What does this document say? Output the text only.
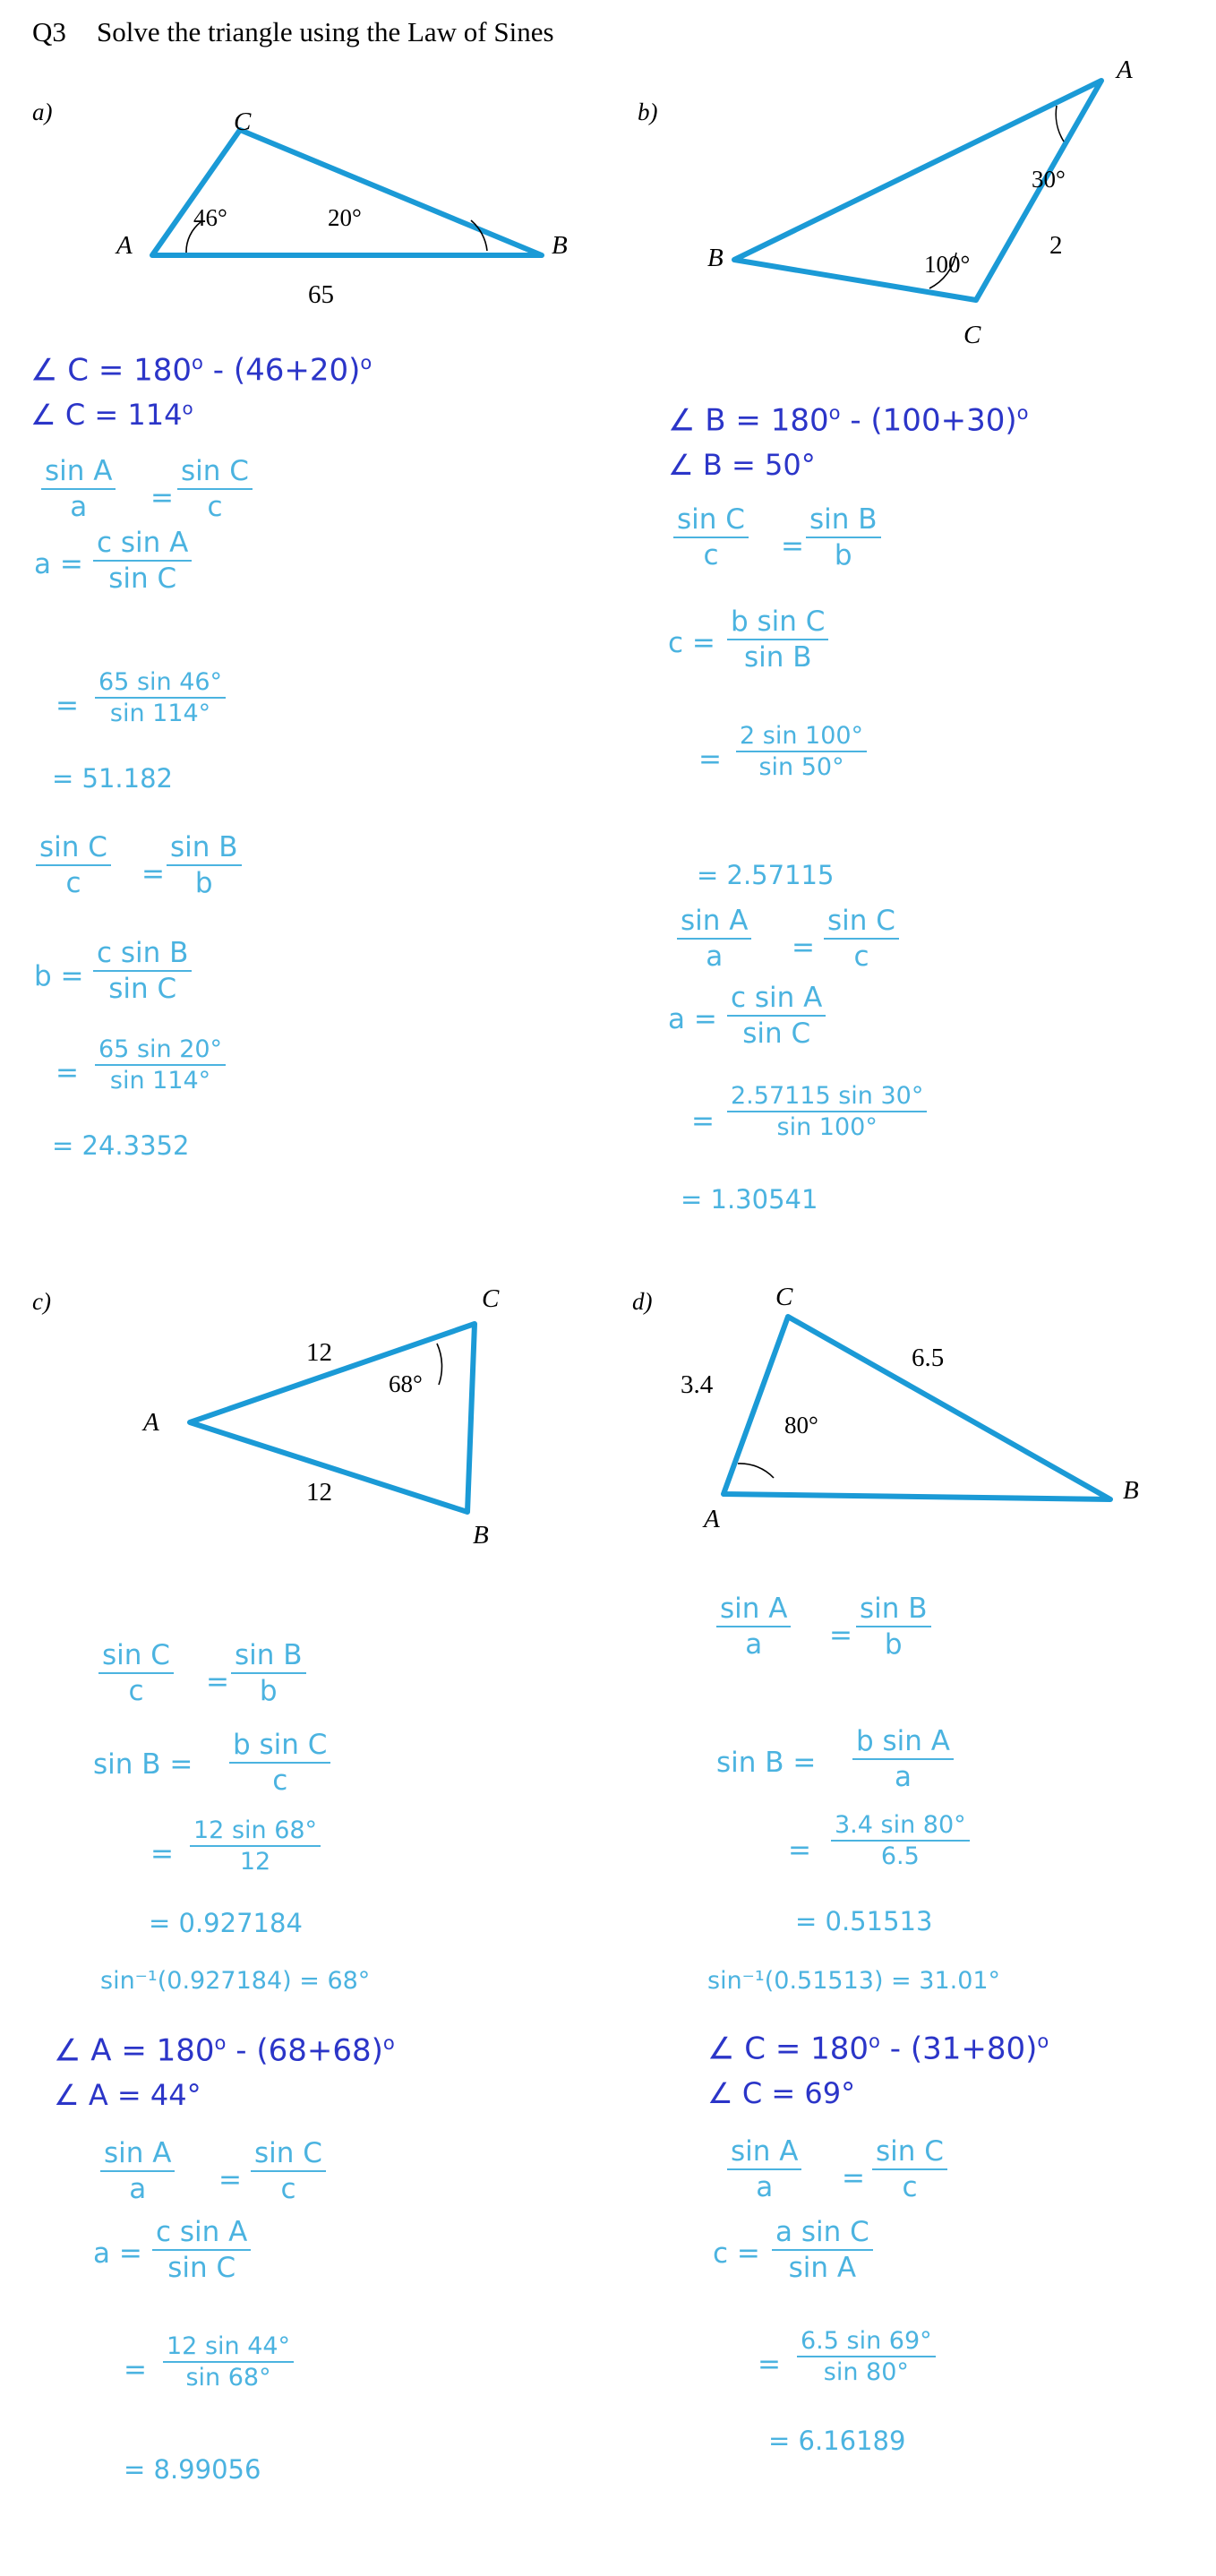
Q3 Solve the triangle using the Law of Sines
a)	C
A	B
46°	20°
65
∠ $C = 180^o - (46+20)^o$
∠ $C = 114^o$
sin A
a	=
sin C
c
a =
c sin A
sin C
=
65 sin 46°
sin 114°
= 51.182
sin C
c	=
sin B
b
b =
c sin B
sin C
=
65 sin 20°
sin 114°
= 24.3352
b)
A
B
C
30°
100°
2
∠ $B = 180^o - (100+30)^o$
∠ B = 50°
sin C
c	=
sin B
b
c =
b sin C
sin B
=
2 sin 100°
sin 50°
= 2.57115
sin A
a	=
sin C
c
a =
c sin A
sin C
=
2.57115 sin 30°
sin 100°
= 1.30541
c)	C
A
B
12
12
68°
sin C
c	=
sin B
b
sin B =
b sin C
c
=
12 sin 68°
12
= 0.927184
sin⁻¹(0.927184) = 68°
∠ $A = 180^o - (68+68)^o$
∠ A = 44°
sin A
a	=
sin C
c
a =
c sin A
sin C
=
12 sin 44°
sin 68°
= 8.99056
d)	C
A
B
3.4
6.5
80°
sin A
a	=
sin B
b
sin B =
b sin A
a
=
3.4 sin 80°
6.5
= 0.51513
sin⁻¹(0.51513) = 31.01°
∠ $C = 180^o - (31+80)^o$
∠ C = 69°
sin A
a	=
sin C
c
c =
a sin C
sin A
=
6.5 sin 69°
sin 80°
= 6.16189
